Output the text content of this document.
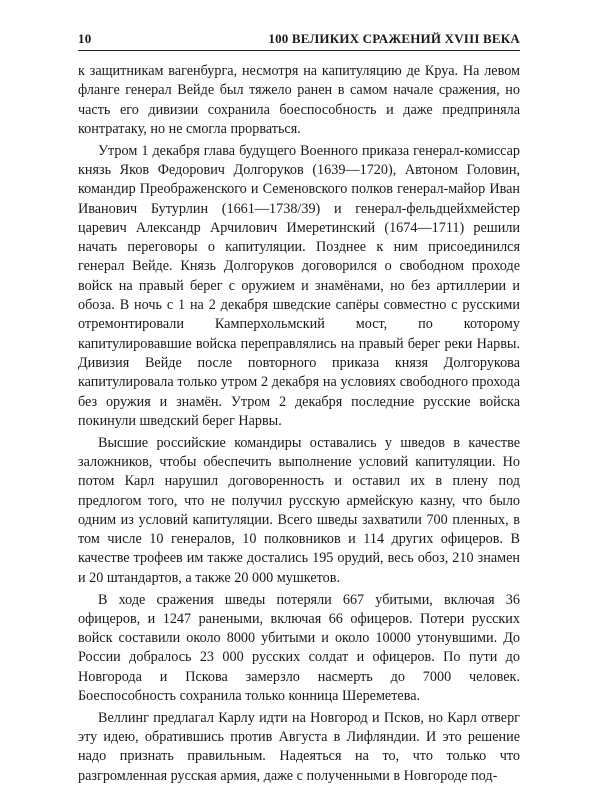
10	100 ВЕЛИКИХ СРАЖЕНИЙ XVIII ВЕКА

к защитникам вагенбурга, несмотря на капитуляцию де Круа. На левом фланге генерал Вейде был тяжело ранен в самом начале сражения, но часть его дивизии сохранила боеспособность и даже предприняла контратаку, но не смогла прорваться.

Утром 1 декабря глава будущего Военного приказа генерал-комиссар князь Яков Федорович Долгоруков (1639—1720), Автоном Головин, командир Преображенского и Семеновского полков генерал-майор Иван Иванович Бутурлин (1661—1738/39) и генерал-фельдцейхмейстер царевич Александр Арчилович Имеретинский (1674—1711) решили начать переговоры о капитуляции. Позднее к ним присоединился генерал Вейде. Князь Долгоруков договорился о свободном проходе войск на правый берег с оружием и знамёнами, но без артиллерии и обоза. В ночь с 1 на 2 декабря шведские сапёры совместно с русскими отремонтировали Камперхольмский мост, по которому капитулировавшие войска переправлялись на правый берег реки Нарвы. Дивизия Вейде после повторного приказа князя Долгорукова капитулировала только утром 2 декабря на условиях свободного прохода без оружия и знамён. Утром 2 декабря последние русские войска покинули шведский берег Нарвы.

Высшие российские командиры оставались у шведов в качестве заложников, чтобы обеспечить выполнение условий капитуляции. Но потом Карл нарушил договоренность и оставил их в плену под предлогом того, что не получил русскую армейскую казну, что было одним из условий капитуляции. Всего шведы захватили 700 пленных, в том числе 10 генералов, 10 полковников и 114 других офицеров. В качестве трофеев им также достались 195 орудий, весь обоз, 210 знамен и 20 штандартов, а также 20 000 мушкетов.

В ходе сражения шведы потеряли 667 убитыми, включая 36 офицеров, и 1247 ранеными, включая 66 офицеров. Потери русских войск составили около 8000 убитыми и около 10000 утонувшими. До России добралось 23 000 русских солдат и офицеров. По пути до Новгорода и Пскова замерзло насмерть до 7000 человек. Боеспособность сохранила только конница Шереметева.

Веллинг предлагал Карлу идти на Новгород и Псков, но Карл отверг эту идею, обратившись против Августа в Лифляндии. И это решение надо признать правильным. Надеяться на то, что только что разгромленная русская армия, даже с полученными в Новгороде под-
